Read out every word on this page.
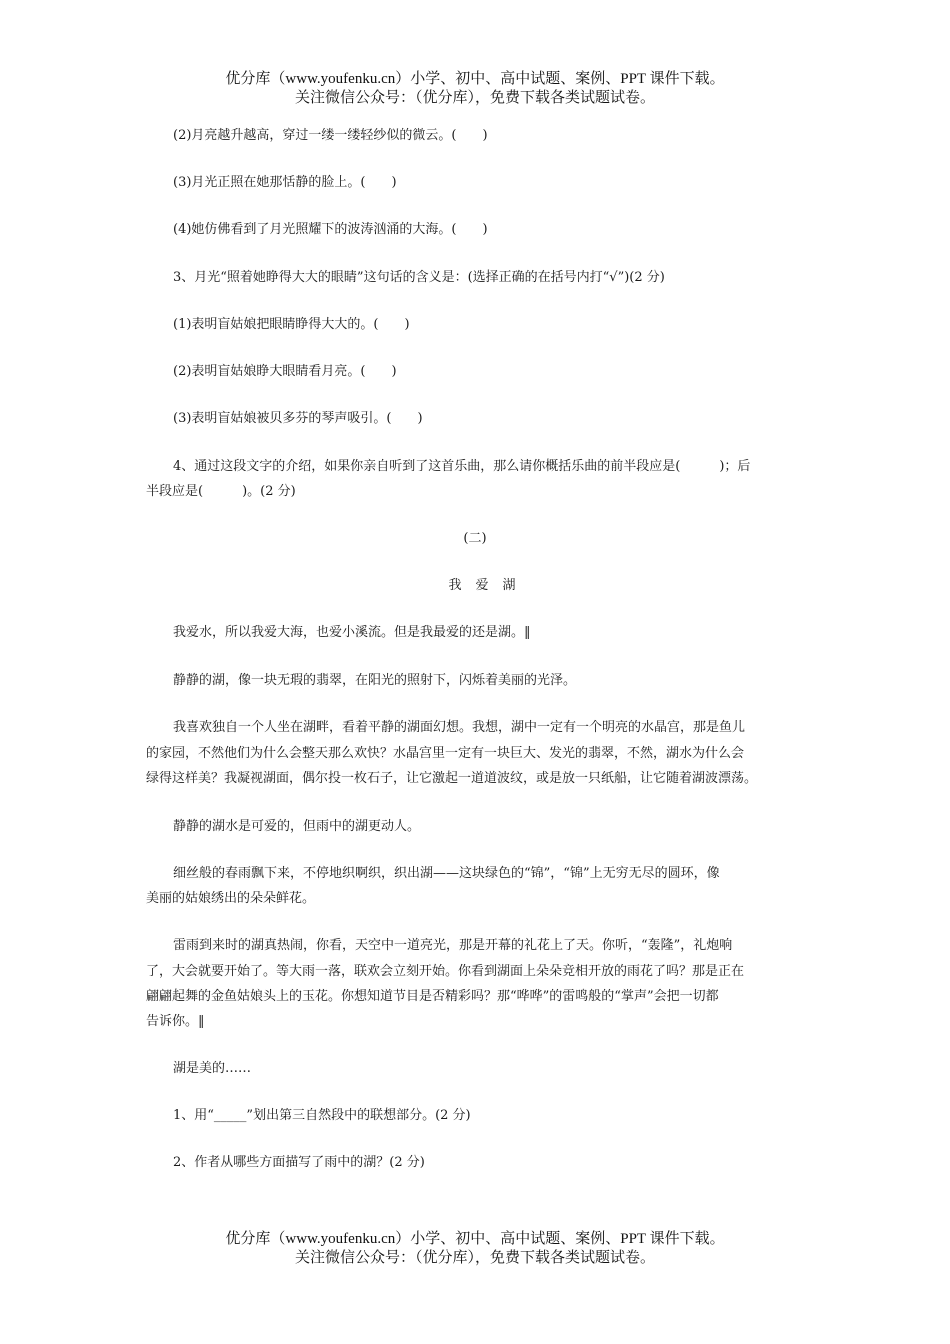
优分库（www.youfenku.cn）小学、初中、高中试题、案例、PPT 课件下载。
关注微信公众号：（优分库），免费下载各类试题试卷。
(2)月亮越升越高，穿过一缕一缕轻纱似的微云。(　　)
(3)月光正照在她那恬静的脸上。(　　)
(4)她仿佛看到了月光照耀下的波涛汹涌的大海。(　　)
3、月光“照着她睁得大大的眼睛”这句话的含义是：(选择正确的在括号内打“√”)(2 分)
(1)表明盲姑娘把眼睛睁得大大的。(　　)
(2)表明盲姑娘睁大眼睛看月亮。(　　)
(3)表明盲姑娘被贝多芬的琴声吸引。(　　)
4、通过这段文字的介绍，如果你亲自听到了这首乐曲，那么请你概括乐曲的前半段应是(　　　)；后
半段应是(　　　)。(2 分)
(二)
我爱湖
我爱水，所以我爱大海，也爱小溪流。但是我最爱的还是湖。‖
静静的湖，像一块无瑕的翡翠，在阳光的照射下，闪烁着美丽的光泽。
我喜欢独自一个人坐在湖畔，看着平静的湖面幻想。我想，湖中一定有一个明亮的水晶宫，那是鱼儿
的家园，不然他们为什么会整天那么欢快？水晶宫里一定有一块巨大、发光的翡翠，不然，湖水为什么会
绿得这样美？我凝视湖面，偶尔投一枚石子，让它激起一道道波纹，或是放一只纸船，让它随着湖波漂荡。
静静的湖水是可爱的，但雨中的湖更动人。
细丝般的春雨飘下来，不停地织啊织，织出湖——这块绿色的“锦”，“锦”上无穷无尽的圆环，像
美丽的姑娘绣出的朵朵鲜花。
雷雨到来时的湖真热闹，你看，天空中一道亮光，那是开幕的礼花上了天。你听，“轰隆”，礼炮响
了，大会就要开始了。等大雨一落，联欢会立刻开始。你看到湖面上朵朵竞相开放的雨花了吗？那是正在
翩翩起舞的金鱼姑娘头上的玉花。你想知道节目是否精彩吗？那“哗哗”的雷鸣般的“掌声”会把一切都
告诉你。‖
湖是美的……
1、用“_____”划出第三自然段中的联想部分。(2 分)
2、作者从哪些方面描写了雨中的湖？(2 分)
优分库（www.youfenku.cn）小学、初中、高中试题、案例、PPT 课件下载。
关注微信公众号：（优分库），免费下载各类试题试卷。
